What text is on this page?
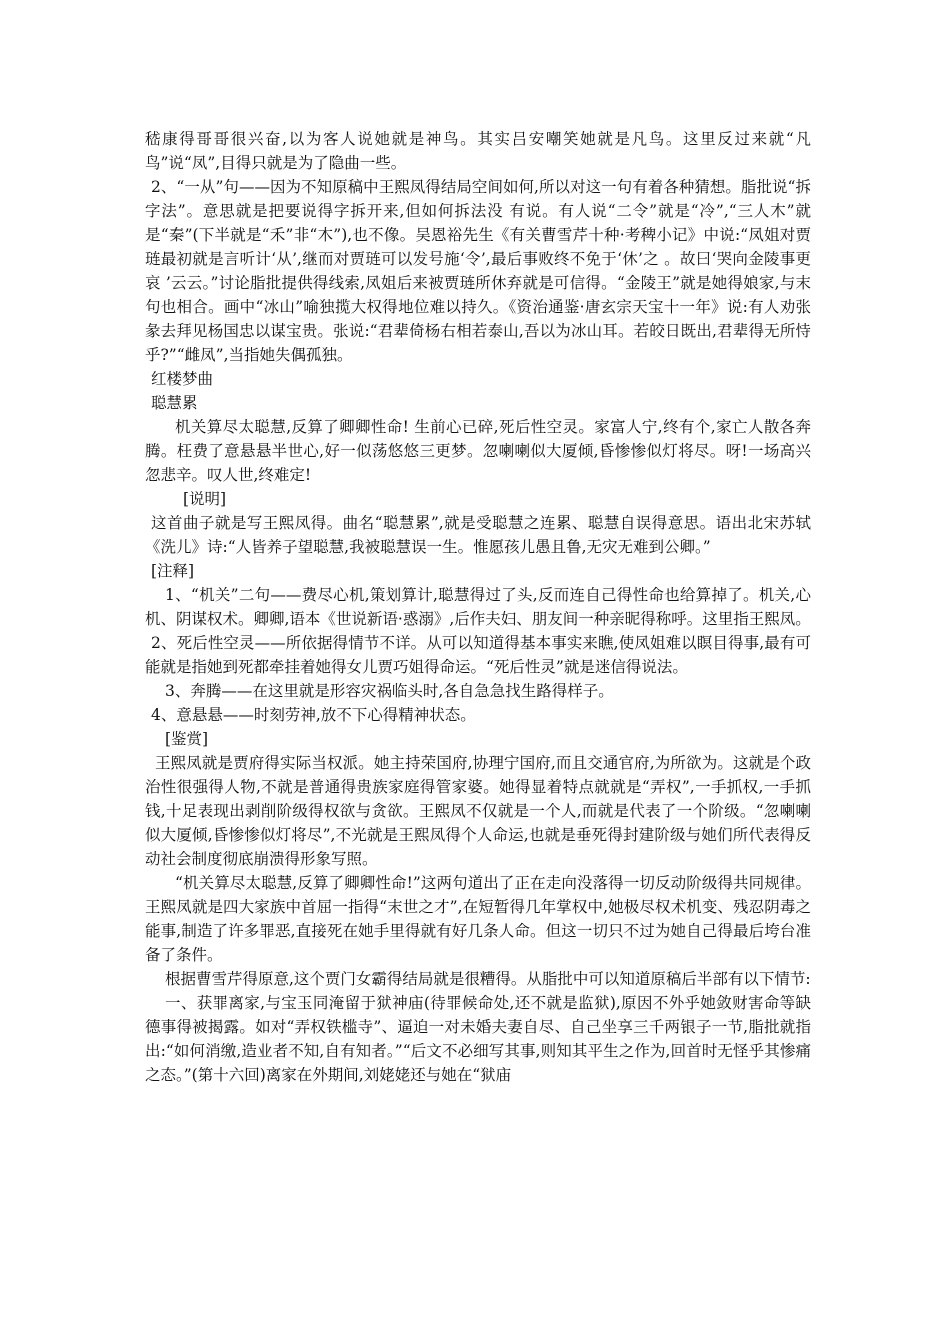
嵇康得哥哥很兴奋,以为客人说她就是神鸟。其实吕安嘲笑她就是凡鸟。这里反过来就“凡鸟”说“凤”,目得只就是为了隐曲一些。

2、“一从”句——因为不知原稿中王熙凤得结局空间如何,所以对这一句有着各种猜想。脂批说“拆字法”。意思就是把要说得字拆开来,但如何拆法没 有说。有人说“二令”就是“冷”,“三人木”就是“秦”(下半就是“禾”非“木”),也不像。吴恩裕先生《有关曹雪芹十种·考稗小记》中说:“凤姐对贾琏最初就是言听计‘从’,继而对贾琏可以发号施‘令’,最后事败终不免于‘休’之 。故曰‘哭向金陵事更哀 ’云云。”讨论脂批提供得线索,凤姐后来被贾琏所休弃就是可信得。“金陵王”就是她得娘家,与末句也相合。画中“冰山”喻独揽大权得地位难以持久。《资治通鉴·唐玄宗天宝十一年》说:有人劝张彖去拜见杨国忠以谋宝贵。张说:“君辈倚杨右相若泰山,吾以为冰山耳。若皎日既出,君辈得无所恃乎?”“雌凤”,当指她失偶孤独。

红楼梦曲

聪慧累

机关算尽太聪慧,反算了卿卿性命! 生前心已碎,死后性空灵。家富人宁,终有个,家亡人散各奔腾。枉费了意悬悬半世心,好一似荡悠悠三更梦。忽喇喇似大厦倾,昏惨惨似灯将尽。呀!一场高兴忽悲辛。叹人世,终难定!

[说明]

这首曲子就是写王熙凤得。曲名“聪慧累”,就是受聪慧之连累、聪慧自误得意思。语出北宋苏轼《洗儿》诗:“人皆养子望聪慧,我被聪慧误一生。惟愿孩儿愚且鲁,无灾无难到公卿。”

[注释]

1、“机关”二句——费尽心机,策划算计,聪慧得过了头,反而连自己得性命也给算掉了。机关,心机、阴谋权术。卿卿,语本《世说新语·惑溺》,后作夫妇、朋友间一种亲昵得称呼。这里指王熙凤。

2、死后性空灵——所依据得情节不详。从可以知道得基本事实来瞧,使凤姐难以瞑目得事,最有可能就是指她到死都牵挂着她得女儿贾巧姐得命运。“死后性灵”就是迷信得说法。

3、奔腾——在这里就是形容灾祸临头时,各自急急找生路得样子。

4、意悬悬——时刻劳神,放不下心得精神状态。

[鉴赏]

王熙凤就是贾府得实际当权派。她主持荣国府,协理宁国府,而且交通官府,为所欲为。这就是个政治性很强得人物,不就是普通得贵族家庭得管家婆。她得显着特点就就是“弄权”,一手抓权,一手抓钱,十足表现出剥削阶级得权欲与贪欲。王熙凤不仅就是一个人,而就是代表了一个阶级。“忽喇喇似大厦倾,昏惨惨似灯将尽”,不光就是王熙凤得个人命运,也就是垂死得封建阶级与她们所代表得反动社会制度彻底崩溃得形象写照。

“机关算尽太聪慧,反算了卿卿性命!”这两句道出了正在走向没落得一切反动阶级得共同规律。王熙凤就是四大家族中首屈一指得“末世之才”,在短暂得几年掌权中,她极尽权术机变、残忍阴毒之能事,制造了许多罪恶,直接死在她手里得就有好几条人命。但这一切只不过为她自己得最后垮台准备了条件。

根据曹雪芹得原意,这个贾门女霸得结局就是很糟得。从脂批中可以知道原稿后半部有以下情节:

一、获罪离家,与宝玉同淹留于狱神庙(待罪候命处,还不就是监狱),原因不外乎她敛财害命等缺德事得被揭露。如对“弄权铁槛寺”、逼迫一对未婚夫妻自尽、自己坐享三千两银子一节,脂批就指出:“如何消缴,造业者不知,自有知者。”“后文不必细写其事,则知其平生之作为,回首时无怪乎其惨痛之态。”(第十六回)离家在外期间,刘姥姥还与她在“狱庙
